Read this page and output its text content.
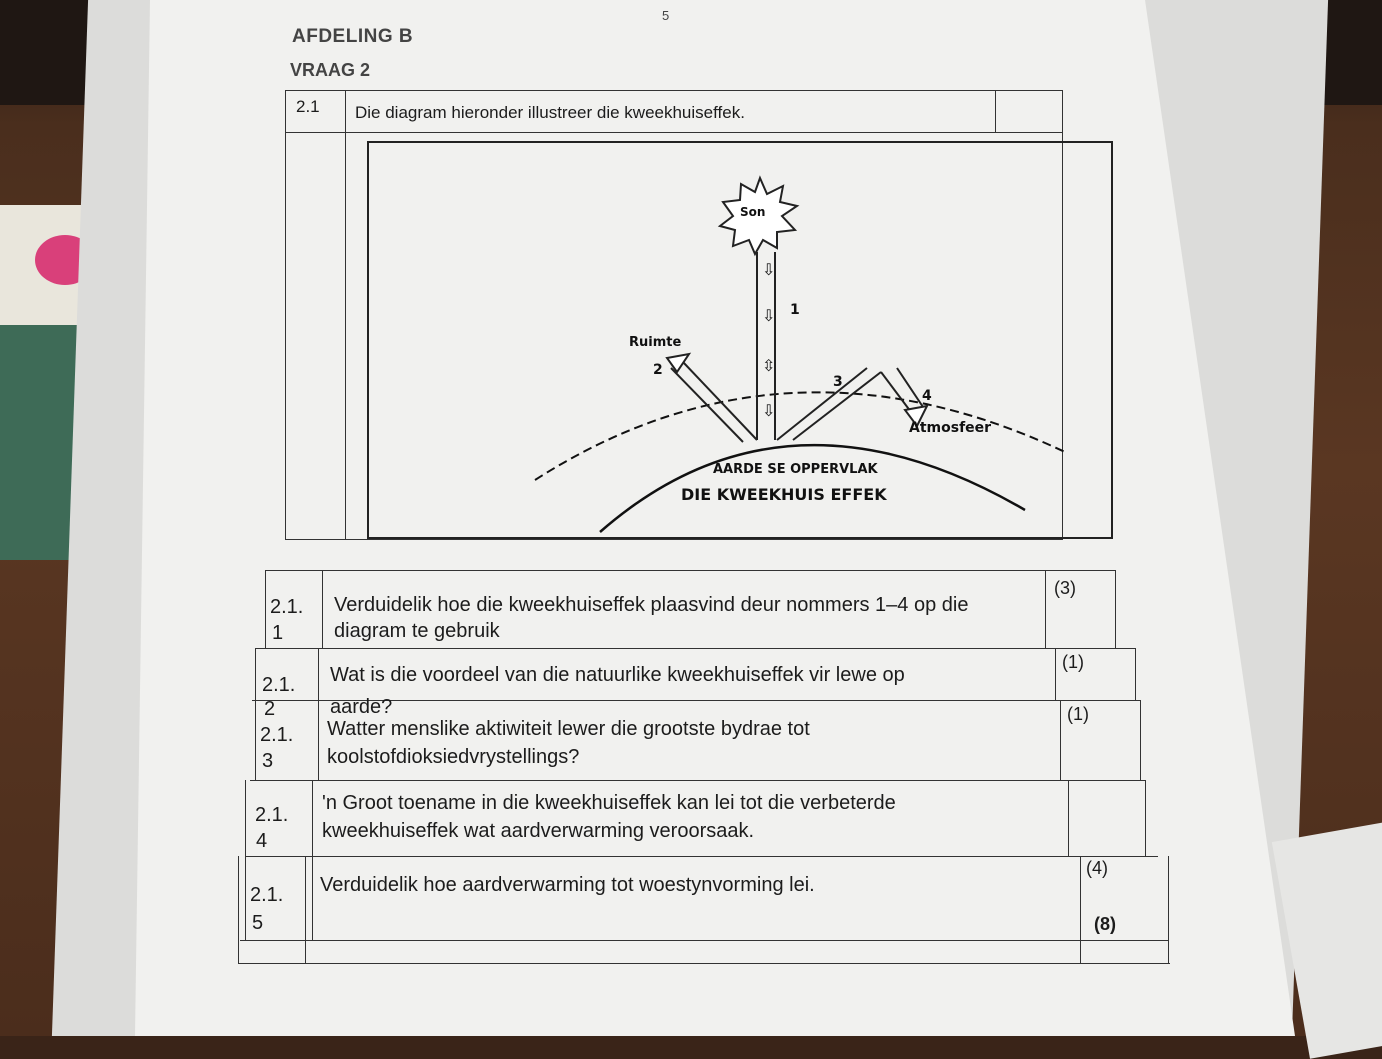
5
AFDELING B
VRAAG 2
2.1 Die diagram hieronder illustreer die kweekhuiseffek.
Son
⇩
⇩
⇳
⇩
1
Ruimte
2
3
4
Atmosfeer
AARDE SE OPPERVLAK
DIE KWEEKHUIS EFFEK
2.1.
1
Verduidelik hoe die kweekhuiseffek plaasvind deur nommers 1–4 op die
diagram te gebruik
(3)
2.1.
2
Wat is die voordeel van die natuurlike kweekhuiseffek vir lewe op
aarde?
(1)
2.1.
3
Watter menslike aktiwiteit lewer die grootste bydrae tot
koolstofdioksiedvrystellings?
(1)
2.1.
4
'n Groot toename in die kweekhuiseffek kan lei tot die verbeterde
kweekhuiseffek wat aardverwarming veroorsaak.
2.1.
5
Verduidelik hoe aardverwarming tot woestynvorming lei.
(4)
(8)
